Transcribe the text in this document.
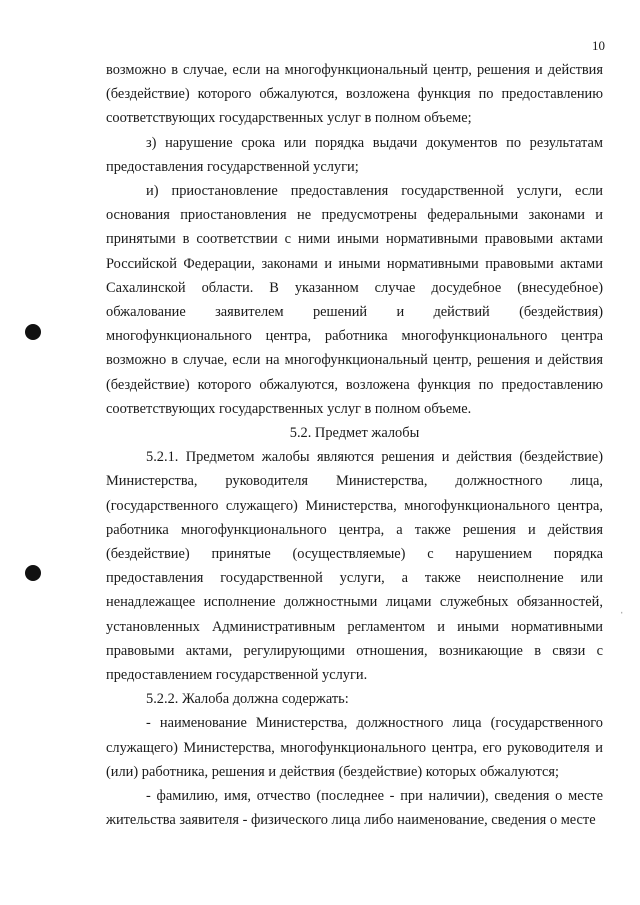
10
ˌ

возможно в случае, если на многофункциональный центр, решения и действия (бездействие) которого обжалуются, возложена функция по предоставлению соответствующих государственных услуг в полном объеме;

з) нарушение срока или порядка выдачи документов по результатам предоставления государственной услуги;

и) приостановление предоставления государственной услуги, если основания приостановления не предусмотрены федеральными законами и принятыми в соответствии с ними иными нормативными правовыми актами Российской Федерации, законами и иными нормативными правовыми актами Сахалинской области. В указанном случае досудебное (внесудебное) обжалование заявителем решений и действий (бездействия) многофункционального центра, работника многофункционального центра возможно в случае, если на многофункциональный центр, решения и действия (бездействие) которого обжалуются, возложена функция по предоставлению соответствующих государственных услуг в полном объеме.

5.2. Предмет жалобы

5.2.1. Предметом жалобы являются решения и действия (бездействие) Министерства, руководителя Министерства, должностного лица, (государственного служащего) Министерства, многофункционального центра, работника многофункционального центра, а также решения и действия (бездействие) принятые (осуществляемые) с нарушением порядка предоставления государственной услуги, а также неисполнение или ненадлежащее исполнение должностными лицами служебных обязанностей, установленных Административным регламентом и иными нормативными правовыми актами, регулирующими отношения, возникающие в связи с предоставлением государственной услуги.

5.2.2. Жалоба должна содержать:

- наименование Министерства, должностного лица (государственного служащего) Министерства, многофункционального центра, его руководителя и (или) работника, решения и действия (бездействие) которых обжалуются;

- фамилию, имя, отчество (последнее - при наличии), сведения о месте жительства заявителя - физического лица либо наименование, сведения о месте
